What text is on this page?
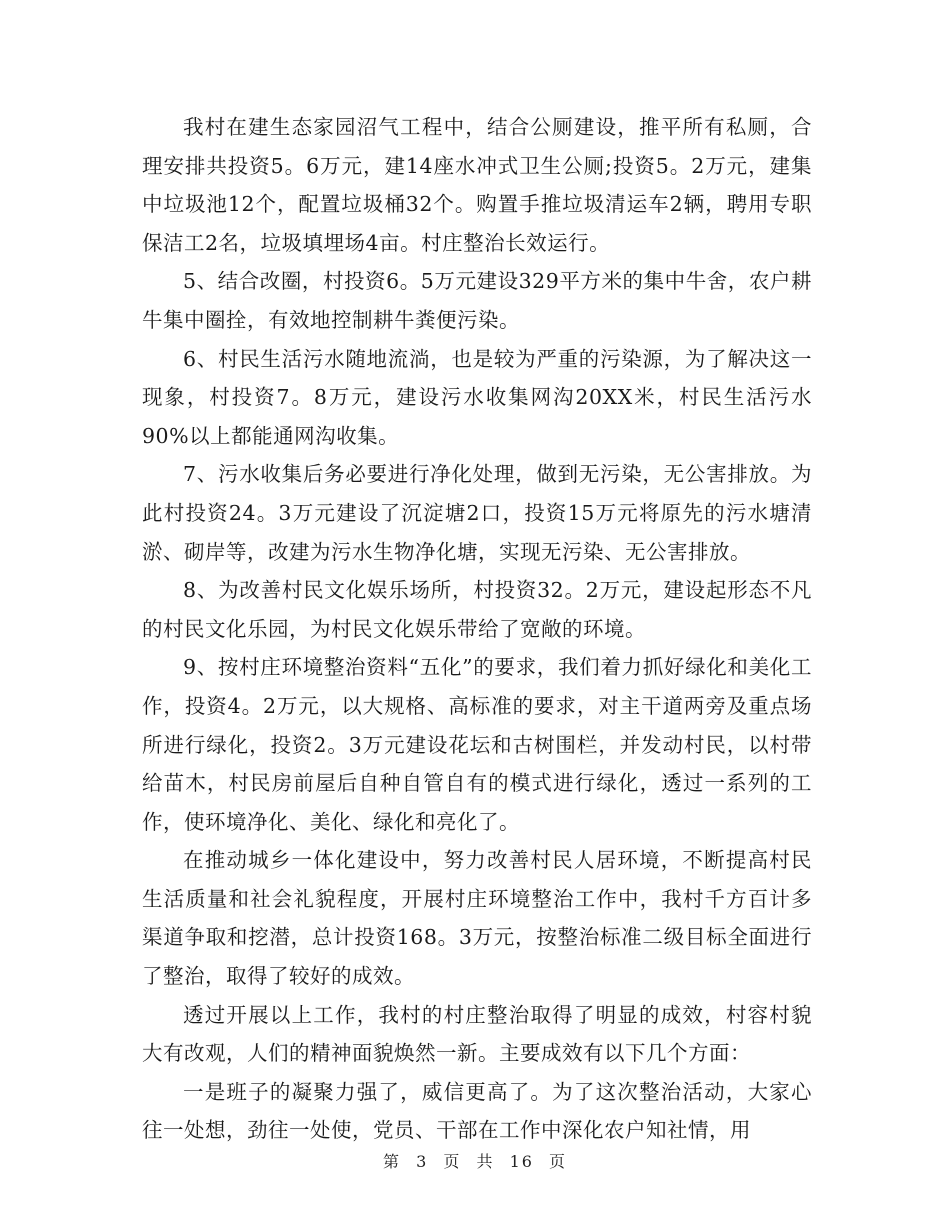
我村在建生态家园沼气工程中，结合公厕建设，推平所有私厕，合理安排共投资5。6万元，建14座水冲式卫生公厕;投资5。2万元，建集中垃圾池12个，配置垃圾桶32个。购置手推垃圾清运车2辆，聘用专职保洁工2名，垃圾填埋场4亩。村庄整治长效运行。

5、结合改圈，村投资6。5万元建设329平方米的集中牛舍，农户耕牛集中圈拴，有效地控制耕牛粪便污染。

6、村民生活污水随地流淌，也是较为严重的污染源，为了解决这一现象，村投资7。8万元，建设污水收集网沟20XX米，村民生活污水90%以上都能通网沟收集。

7、污水收集后务必要进行净化处理，做到无污染，无公害排放。为此村投资24。3万元建设了沉淀塘2口，投资15万元将原先的污水塘清淤、砌岸等，改建为污水生物净化塘，实现无污染、无公害排放。

8、为改善村民文化娱乐场所，村投资32。2万元，建设起形态不凡的村民文化乐园，为村民文化娱乐带给了宽敞的环境。

9、按村庄环境整治资料“五化”的要求，我们着力抓好绿化和美化工作，投资4。2万元，以大规格、高标准的要求，对主干道两旁及重点场所进行绿化，投资2。3万元建设花坛和古树围栏，并发动村民，以村带给苗木，村民房前屋后自种自管自有的模式进行绿化，透过一系列的工作，使环境净化、美化、绿化和亮化了。

在推动城乡一体化建设中，努力改善村民人居环境，不断提高村民生活质量和社会礼貌程度，开展村庄环境整治工作中，我村千方百计多渠道争取和挖潜，总计投资168。3万元，按整治标准二级目标全面进行了整治，取得了较好的成效。

透过开展以上工作，我村的村庄整治取得了明显的成效，村容村貌大有改观，人们的精神面貌焕然一新。主要成效有以下几个方面：

一是班子的凝聚力强了，威信更高了。为了这次整治活动，大家心往一处想，劲往一处使，党员、干部在工作中深化农户知社情，用

第 3 页 共 16 页
